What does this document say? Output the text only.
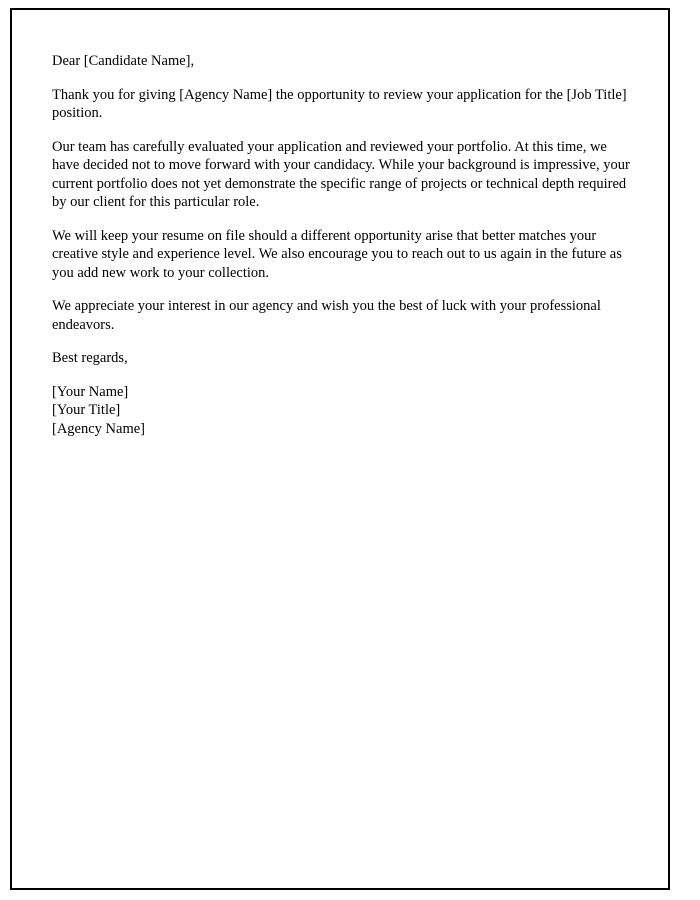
Dear [Candidate Name],

Thank you for giving [Agency Name] the opportunity to review your application for the [Job Title] position.

Our team has carefully evaluated your application and reviewed your portfolio. At this time, we have decided not to move forward with your candidacy. While your background is impressive, your current portfolio does not yet demonstrate the specific range of projects or technical depth required by our client for this particular role.

We will keep your resume on file should a different opportunity arise that better matches your creative style and experience level. We also encourage you to reach out to us again in the future as you add new work to your collection.

We appreciate your interest in our agency and wish you the best of luck with your professional endeavors.

Best regards,

[Your Name]
[Your Title]
[Agency Name]
